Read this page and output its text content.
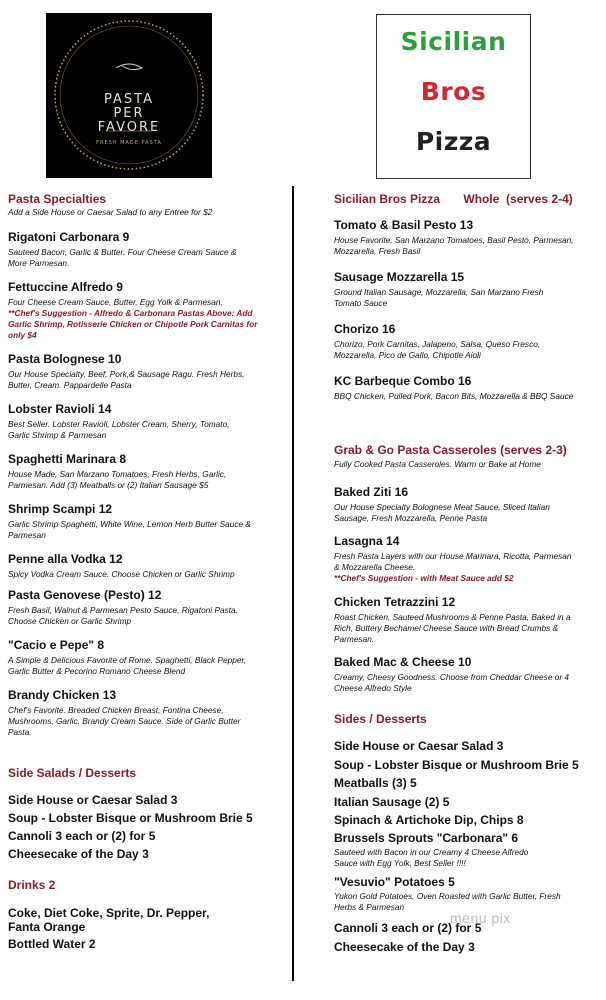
PASTA
PER
FAVORE
FRESH MADE PASTA
Sicilian
Bros
Pizza
Pasta Specialties
Add a Side House or Caesar Salad to any Entree for $2
Rigatoni Carbonara 9
Sauteed Bacon, Garlic & Butter. Four Cheese Cream Sauce & More Parmesan.
Fettuccine Alfredo 9
Four Cheese Cream Sauce, Butter, Egg Yolk & Parmesan.
**Chef's Suggestion - Alfredo & Carbonara Pastas Above: Add Garlic Shrimp, Rotisserie Chicken or Chipotle Pork Carnitas for only $4
Pasta Bolognese 10
Our House Specialty, Beef, Pork,& Sausage Ragu. Fresh Herbs, Butter, Cream. Pappardelle Pasta
Lobster Ravioli 14
Best Seller. Lobster Ravioli, Lobster Cream, Sherry, Tomato, Garlic Shrimp & Parmesan
Spaghetti Marinara 8
House Made, San Marzano Tomatoes, Fresh Herbs, Garlic, Parmesan. Add (3) Meatballs or (2) Italian Sausage $5
Shrimp Scampi 12
Garlic Shrimp Spaghetti, White Wine, Lemon Herb Butter Sauce & Parmesan
Penne alla Vodka 12
Spicy Vodka Cream Sauce. Choose Chicken or Garlic Shrimp
Pasta Genovese (Pesto) 12
Fresh Basil, Walnut & Parmesan Pesto Sauce, Rigatoni Pasta. Choose Chicken or Garlic Shrimp
"Cacio e Pepe" 8
A Simple & Delicious Favorite of Rome. Spaghetti, Black Pepper, Garlic Butter & Pecorino Romano Cheese Blend
Brandy Chicken 13
Chef's Favorite. Breaded Chicken Breast, Fontina Cheese, Mushrooms, Garlic, Brandy Cream Sauce. Side of Garlic Butter Pasta.
Side Salads / Desserts
Side House or Caesar Salad 3
Soup - Lobster Bisque or Mushroom Brie 5
Cannoli 3 each or (2) for 5
Cheesecake of the Day 3
Drinks 2
Coke, Diet Coke, Sprite, Dr. Pepper,
Fanta Orange
Bottled Water 2
Sicilian Bros Pizza       Whole  (serves 2-4)
Tomato & Basil Pesto 13
House Favorite, San Marzano Tomatoes, Basil Pesto, Parmesan, Mozzarella, Fresh Basil
Sausage Mozzarella 15
Ground Italian Sausage, Mozzarella, San Marzano Fresh Tomato Sauce
Chorizo 16
Chorizo, Pork Carnitas, Jalapeno, Salsa, Queso Fresco, Mozzarella, Pico de Gallo, Chipotle Aioli
KC Barbeque Combo 16
BBQ Chicken, Pulled Pork, Bacon Bits, Mozzarella & BBQ Sauce
Grab & Go Pasta Casseroles (serves 2-3)
Fully Cooked Pasta Casseroles. Warm or Bake at Home
Baked Ziti 16
Our House Specialty Bolognese Meat Sauce, Sliced Italian Sausage, Fresh Mozzarella, Penne Pasta
Lasagna 14
Fresh Pasta Layers with our House Marinara, Ricotta, Parmesan & Mozzarella Cheese.
**Chef's Suggestion - with Meat Sauce add $2
Chicken Tetrazzini 12
Roast Chicken, Sauteed Mushrooms & Penne Pasta, Baked in a Rich, Buttery Bechamel Cheese Sauce with Bread Crumbs & Parmesan.
Baked Mac & Cheese 10
Creamy, Cheesy Goodness. Choose from Cheddar Cheese or 4 Cheese Alfredo Style
Sides / Desserts
Side House or Caesar Salad 3
Soup - Lobster Bisque or Mushroom Brie 5
Meatballs (3) 5
Italian Sausage (2) 5
Spinach & Artichoke Dip, Chips 8
Brussels Sprouts "Carbonara" 6
Sauteed with Bacon in our Creamy 4 Cheese Alfredo Sauce with Egg Yolk, Best Seller !!!!
"Vesuvio" Potatoes 5
Yukon Gold Potatoes, Oven Roasted with Garlic Butter, Fresh Herbs & Parmesan
Cannoli 3 each or (2) for 5
Cheesecake of the Day 3
menu pix
